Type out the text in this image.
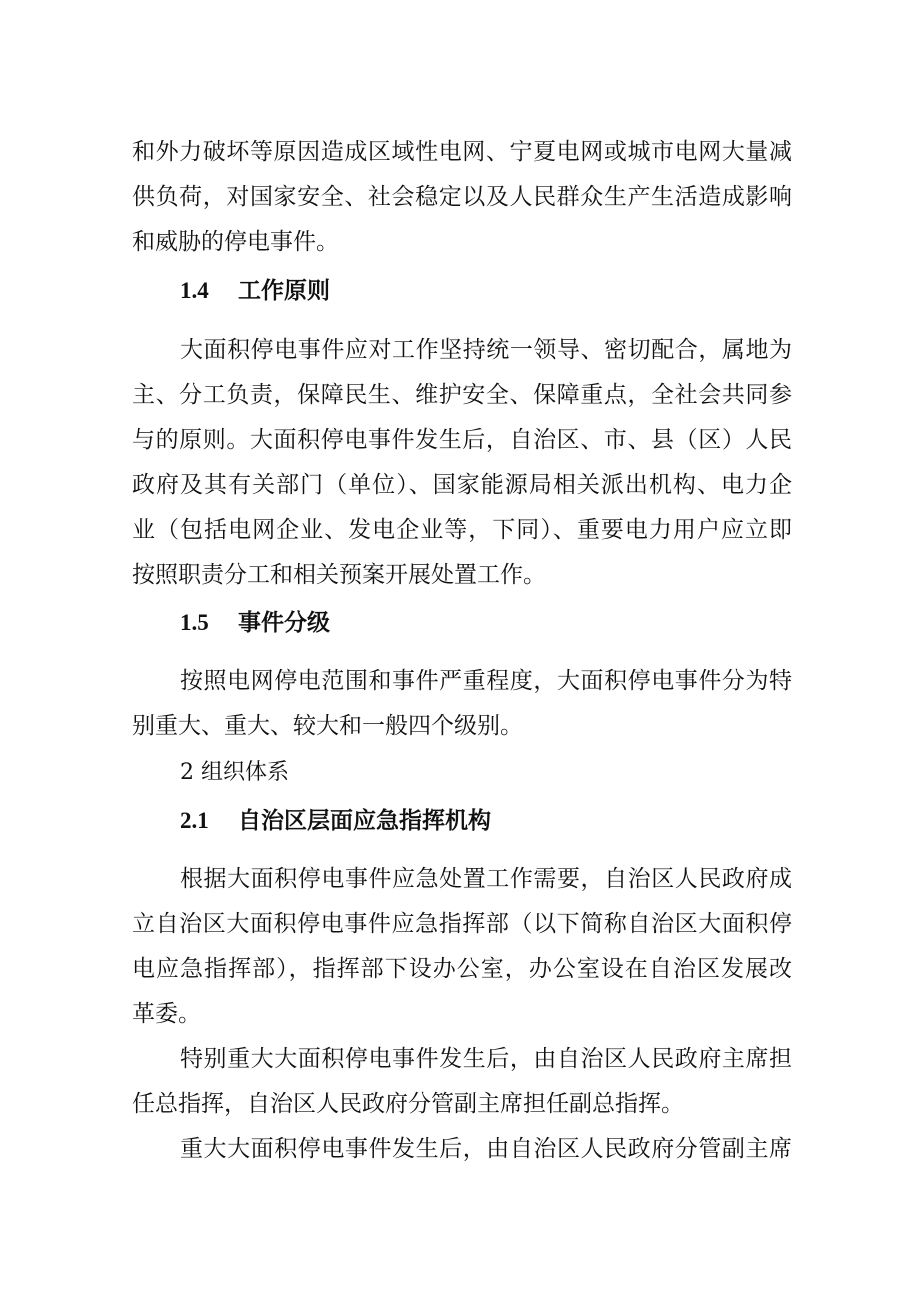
和外力破坏等原因造成区域性电网、宁夏电网或城市电网大量减
供负荷，对国家安全、社会稳定以及人民群众生产生活造成影响
和威胁的停电事件。
1.4 工作原则
大面积停电事件应对工作坚持统一领导、密切配合，属地为
主、分工负责，保障民生、维护安全、保障重点，全社会共同参
与的原则。大面积停电事件发生后，自治区、市、县（区）人民
政府及其有关部门（单位）、国家能源局相关派出机构、电力企
业（包括电网企业、发电企业等，下同）、重要电力用户应立即
按照职责分工和相关预案开展处置工作。
1.5 事件分级
按照电网停电范围和事件严重程度，大面积停电事件分为特
别重大、重大、较大和一般四个级别。
2 组织体系
2.1 自治区层面应急指挥机构
根据大面积停电事件应急处置工作需要，自治区人民政府成
立自治区大面积停电事件应急指挥部（以下简称自治区大面积停
电应急指挥部），指挥部下设办公室，办公室设在自治区发展改
革委。
特别重大大面积停电事件发生后，由自治区人民政府主席担
任总指挥，自治区人民政府分管副主席担任副总指挥。
重大大面积停电事件发生后，由自治区人民政府分管副主席
